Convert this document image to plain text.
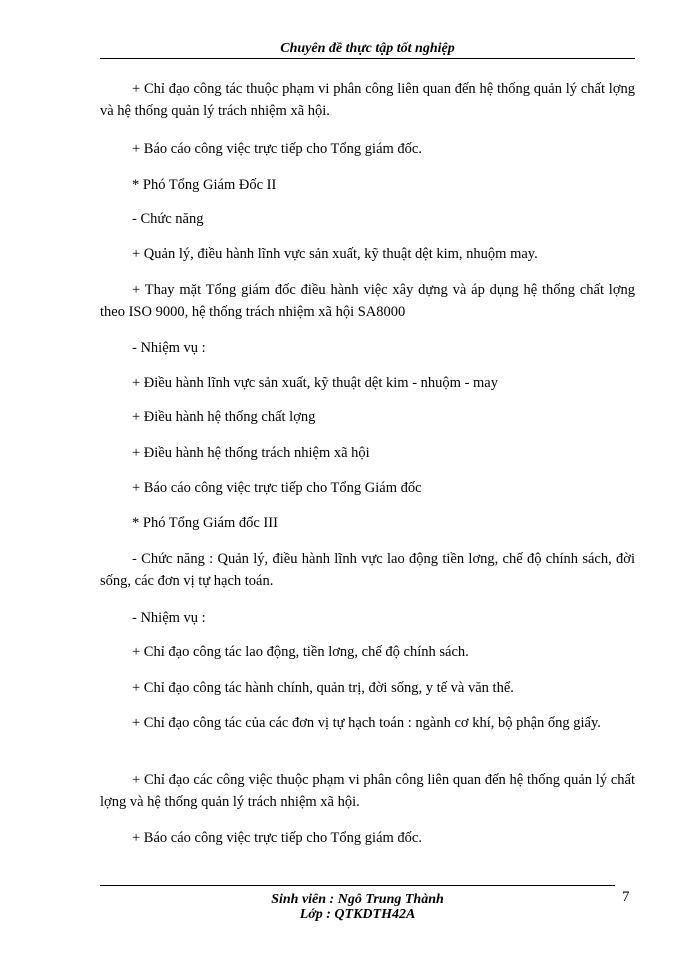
Chuyên đề thực tập tốt nghiệp

+ Chỉ đạo công tác thuộc phạm vi phân công liên quan đến hệ thống quản lý chất lợng và hệ thống quản lý trách nhiệm xã hội.

+ Báo cáo công việc trực tiếp cho Tổng giám đốc.

* Phó Tổng Giám Đốc II

- Chức năng

+ Quản lý, điều hành lĩnh vực sản xuất, kỹ thuật dệt kim, nhuộm may.

+ Thay mặt Tổng giám đốc điều hành việc xây dựng và áp dụng hệ thống chất lợng theo ISO 9000, hệ thống trách nhiệm xã hội SA8000

- Nhiệm vụ :

+ Điều hành lĩnh vực sản xuất, kỹ thuật dệt kim - nhuộm - may

+ Điều hành hệ thống chất lợng

+ Điều hành hệ thống trách nhiệm xã hội

+ Báo cáo công việc trực tiếp cho Tổng Giám đốc

* Phó Tổng Giám đốc III

- Chức năng : Quản lý, điều hành lĩnh vực lao động tiền lơng, chế độ chính sách, đời sống, các đơn vị tự hạch toán.

- Nhiệm vụ :

+ Chỉ đạo công tác lao động, tiền lơng, chế độ chính sách.

+ Chỉ đạo công tác hành chính, quản trị, đời sống, y tế và văn thể.

+ Chỉ đạo công tác của các đơn vị tự hạch toán : ngành cơ khí, bộ phận ống giấy.

+ Chỉ đạo các công việc thuộc phạm vi phân công liên quan đến hệ thống quản lý chất lợng và hệ thống quản lý trách nhiệm xã hội.

+ Báo cáo công việc trực tiếp cho Tổng giám đốc.

Sinh viên : Ngô Trung Thành
Lớp : QTKDTH42A
7
